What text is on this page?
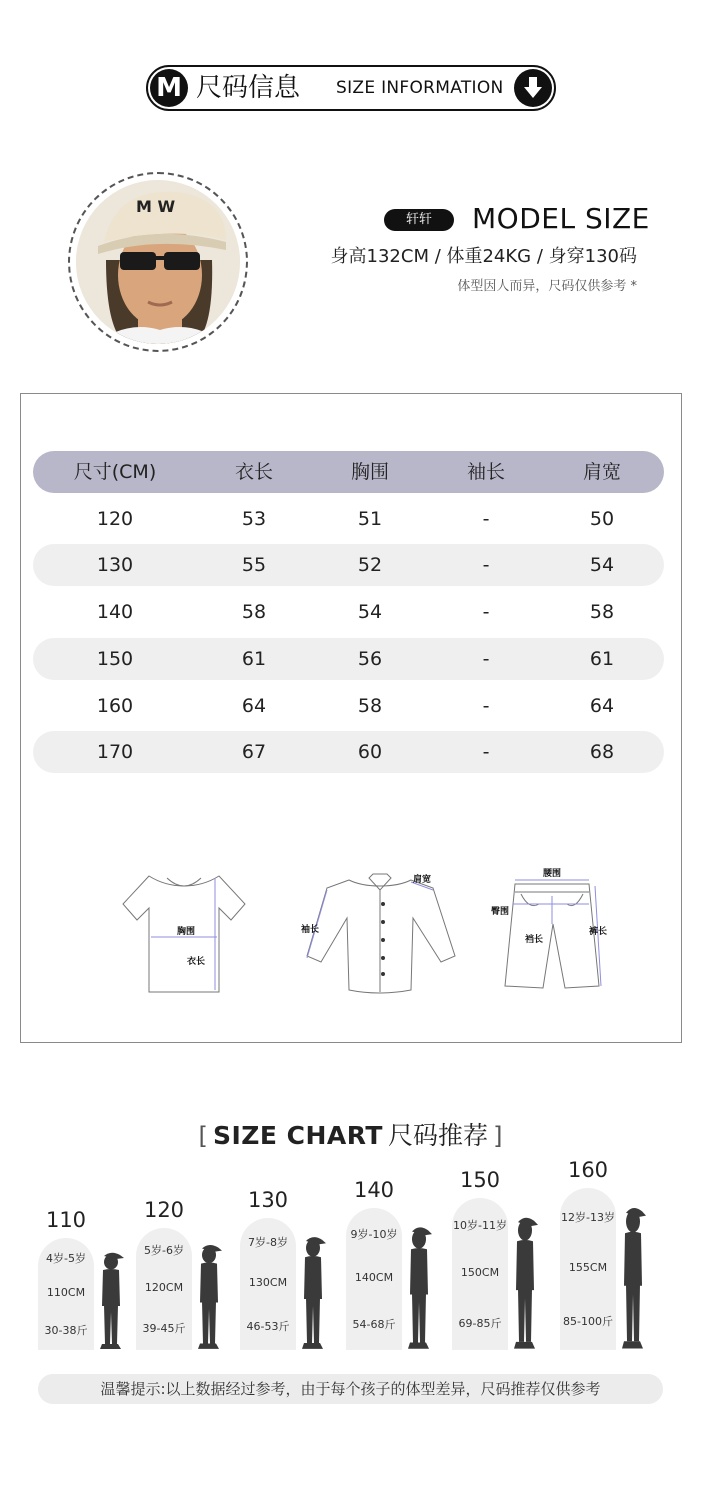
M 尺码信息 SIZE INFORMATION
M W
轩轩	MODEL SIZE
身高132CM / 体重24KG / 身穿130码
体型因人而异，尺码仅供参考 *
尺寸(CM)	衣长	胸围	袖长	肩宽
120	53	51	-	50
130	55	52	-	54
140	58	54	-	58
150	61	56	-	61
160	64	58	-	64
170	67	60	-	68
胸围
衣长
袖长
肩宽
腰围
臀围
裆长
裤长
[ SIZE CHART 尺码推荐 ]
110
4岁-5岁
110CM
30-38斤
120
5岁-6岁
120CM
39-45斤
130
7岁-8岁
130CM
46-53斤
140
9岁-10岁
140CM
54-68斤
150
10岁-11岁
150CM
69-85斤
160
12岁-13岁
155CM
85-100斤
温馨提示:以上数据经过参考，由于每个孩子的体型差异，尺码推荐仅供参考
